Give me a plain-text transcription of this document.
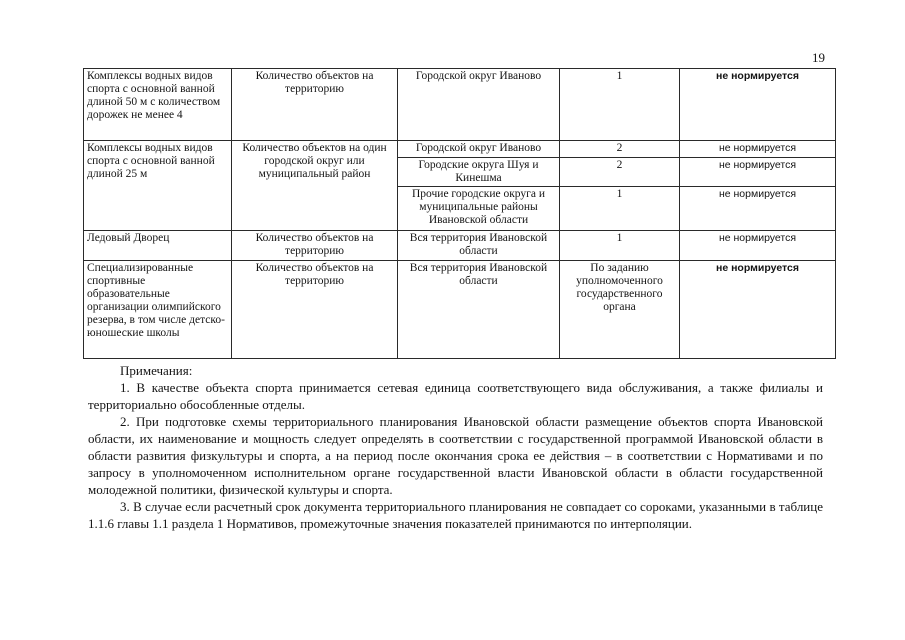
19
Комплексы водных видов спорта с основной ванной длиной 50 м с количеством дорожек не менее 4	Количество объектов на территорию	Городской округ Иваново	1	не нормируется
Комплексы водных видов спорта с основной ванной длиной 25 м	Количество объектов на один городской округ или муниципальный район	Городской округ Иваново	2	не нормируется
		Городские округа Шуя и Кинешма	2	не нормируется
		Прочие городские округа и муниципальные районы Ивановской области	1	не нормируется
Ледовый Дворец	Количество объектов на территорию	Вся территория Ивановской области	1	не нормируется
Специализированные спортивные образовательные организации олимпийского резерва, в том числе детско-юношеские школы	Количество объектов на территорию	Вся территория Ивановской области	По заданию уполномоченного государственного органа	не нормируется

Примечания:

1. В качестве объекта спорта принимается сетевая единица соответствующего вида обслуживания, а также филиалы и территориально обособленные отделы.

2. При подготовке схемы территориального планирования Ивановской области размещение объектов спорта Ивановской области, их наименование и мощность следует определять в соответствии с государственной программой Ивановской области в области развития физкультуры и спорта, а на период после окончания срока ее действия – в соответствии с Нормативами и по запросу в уполномоченном исполнительном органе государственной власти Ивановской области в области государственной молодежной политики, физической культуры и спорта.

3. В случае если расчетный срок документа территориального планирования не совпадает со сороками, указанными в таблице 1.1.6 главы 1.1 раздела 1 Нормативов, промежуточные значения показателей принимаются по интерполяции.
